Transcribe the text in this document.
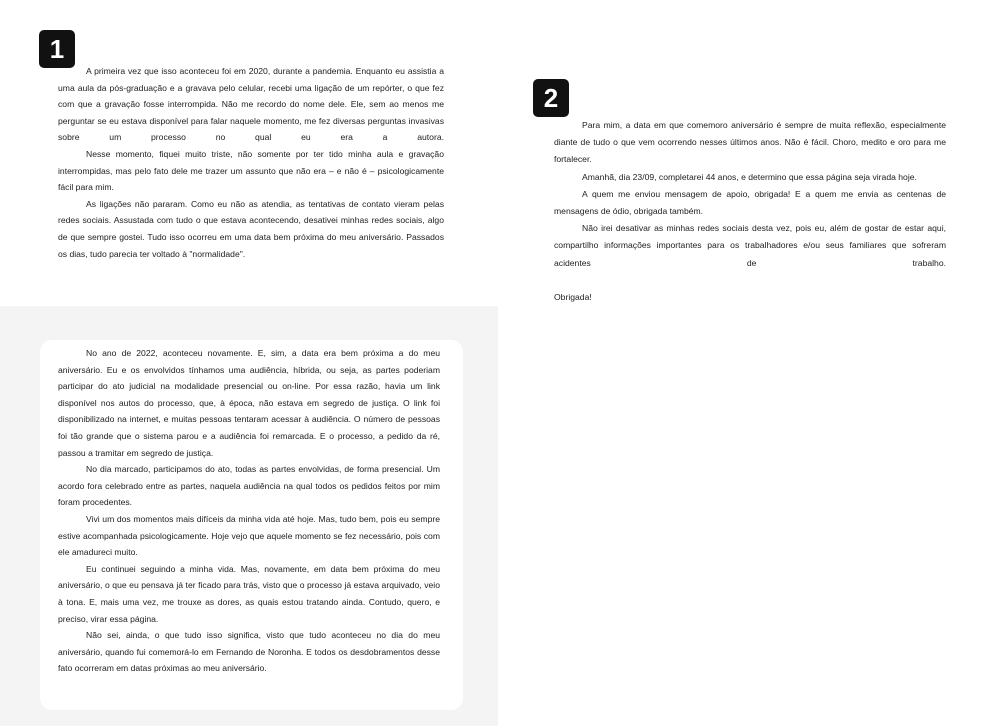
1

A primeira vez que isso aconteceu foi em 2020, durante a pandemia. Enquanto eu assistia a uma aula da pós-graduação e a gravava pelo celular, recebi uma ligação de um repórter, o que fez com que a gravação fosse interrompida. Não me recordo do nome dele. Ele, sem ao menos me perguntar se eu estava disponível para falar naquele momento, me fez diversas perguntas invasivas sobre um processo no qual eu era a autora.

Nesse momento, fiquei muito triste, não somente por ter tido minha aula e gravação interrompidas, mas pelo fato dele me trazer um assunto que não era – e não é – psicologicamente fácil para mim.

As ligações não pararam. Como eu não as atendia, as tentativas de contato vieram pelas redes sociais. Assustada com tudo o que estava acontecendo, desativei minhas redes sociais, algo de que sempre gostei. Tudo isso ocorreu em uma data bem próxima do meu aniversário. Passados os dias, tudo parecia ter voltado à "normalidade".

No ano de 2022, aconteceu novamente. E, sim, a data era bem próxima a do meu aniversário. Eu e os envolvidos tínhamos uma audiência, híbrida, ou seja, as partes poderiam participar do ato judicial na modalidade presencial ou on-line. Por essa razão, havia um link disponível nos autos do processo, que, à época, não estava em segredo de justiça. O link foi disponibilizado na internet, e muitas pessoas tentaram acessar à audiência. O número de pessoas foi tão grande que o sistema parou e a audiência foi remarcada. E o processo, a pedido da ré, passou a tramitar em segredo de justiça.

No dia marcado, participamos do ato, todas as partes envolvidas, de forma presencial. Um acordo fora celebrado entre as partes, naquela audiência na qual todos os pedidos feitos por mim foram procedentes.

Vivi um dos momentos mais difíceis da minha vida até hoje. Mas, tudo bem, pois eu sempre estive acompanhada psicologicamente. Hoje vejo que aquele momento se fez necessário, pois com ele amadureci muito.

Eu continuei seguindo a minha vida. Mas, novamente, em data bem próxima do meu aniversário, o que eu pensava já ter ficado para trás, visto que o processo já estava arquivado, veio à tona. E, mais uma vez, me trouxe as dores, as quais estou tratando ainda. Contudo, quero, e preciso, virar essa página.

Não sei, ainda, o que tudo isso significa, visto que tudo aconteceu no dia do meu aniversário, quando fui comemorá-lo em Fernando de Noronha. E todos os desdobramentos desse fato ocorreram em datas próximas ao meu aniversário.

2

Para mim, a data em que comemoro aniversário é sempre de muita reflexão, especialmente diante de tudo o que vem ocorrendo nesses últimos anos. Não é fácil. Choro, medito e oro para me fortalecer.

Amanhã, dia 23/09, completarei 44 anos, e determino que essa página seja virada hoje.

A quem me enviou mensagem de apoio, obrigada! E a quem me envia as centenas de mensagens de ódio, obrigada também.

Não irei desativar as minhas redes sociais desta vez, pois eu, além de gostar de estar aqui, compartilho informações importantes para os trabalhadores e/ou seus familiares que sofreram acidentes de trabalho.

Obrigada!
